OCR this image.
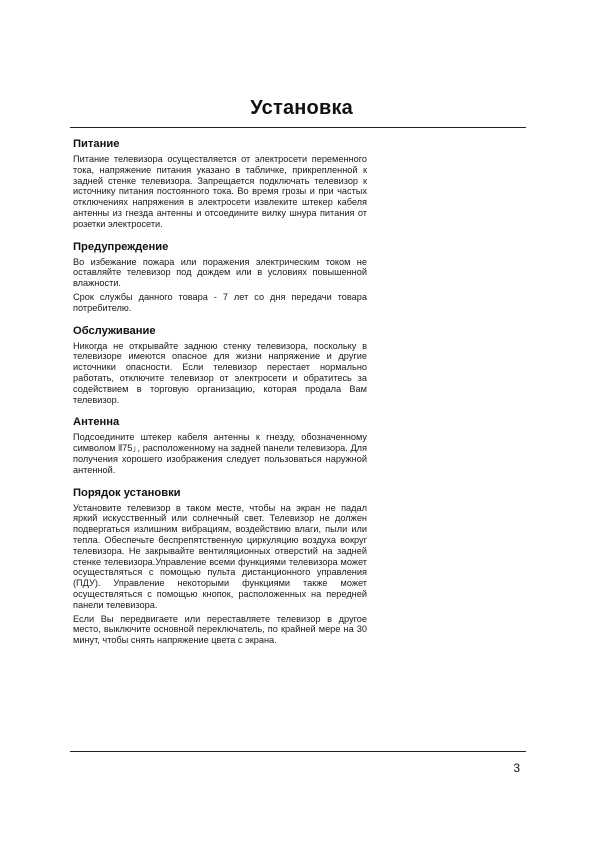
Установка
Питание

Питание телевизора осуществляется от электросети переменного тока, напряжение питания указано в табличке, прикрепленной к задней стенке телевизора. Запрещается подключать телевизор к источнику питания постоянного тока. Во время грозы и при частых отключениях напряжения в электросети извлеките штекер кабеля антенны из гнезда антенны и отсоедините вилку шнура питания от розетки электросети.

Предупреждение

Во избежание пожара или поражения электрическим током не оставляйте телевизор под дождем или в условиях повышенной влажности.

Срок службы данного товара - 7 лет со дня передачи товара потребителю.

Обслуживание

Никогда не открывайте заднюю стенку телевизора, поскольку в телевизоре имеются опасное для жизни напряжение и другие источники опасности. Если телевизор перестает нормально работать, отключите телевизор от электросети и обратитесь за содействием в торговую организацию, которая продала Вам телевизор.

Антенна

Подсоедините штекер кабеля антенны к гнезду, обозначенному символом ⫴75⌋, расположенному на задней панели телевизора. Для получения хорошего изображения следует пользоваться наружной антенной.

Порядок установки

Установите телевизор в таком месте, чтобы на экран не падал яркий искусственный или солнечный свет. Телевизор не должен подвергаться излишним вибрациям, воздействию влаги, пыли или тепла. Обеспечьте беспрепятственную циркуляцию воздуха вокруг телевизора. Не закрывайте вентиляционных отверстий на задней стенке телевизора.Управление всеми функциями телевизора может осуществляться с помощью пульта дистанционного управления (ПДУ). Управление некоторыми функциями также может осуществляться с помощью кнопок, расположенных на передней панели телевизора.

Если Вы передвигаете или переставляете телевизор в другое место, выключите основной переключатель, по крайней мере на 30 минут, чтобы снять напряжение цвета с экрана.

3
